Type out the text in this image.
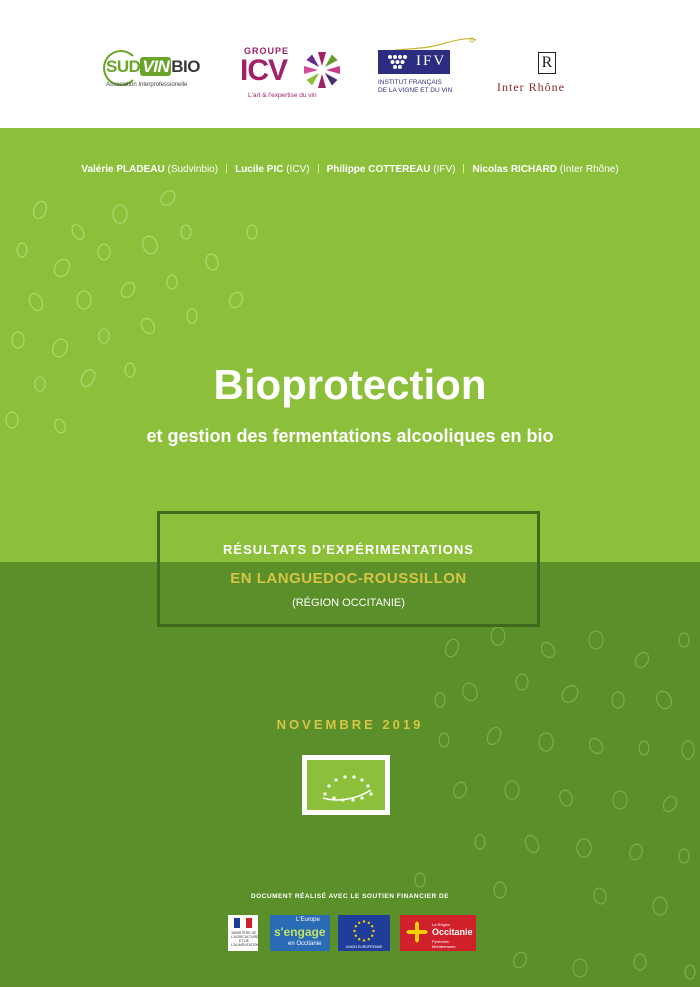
SUD VIN BIO
Association Interprofessionelle
GROUPE
ICV
L'art & l'expertise du vin
IFV
INSTITUT FRANÇAIS
DE LA VIGNE ET DU VIN
R
Inter Rhône
Valérie PLADEAU (Sudvinbio) Lucile PIC (ICV) Philippe COTTEREAU (IFV) Nicolas RICHARD (Inter Rhône)
Bioprotection
et gestion des fermentations alcooliques en bio
RÉSULTATS D'EXPÉRIMENTATIONS
EN LANGUEDOC-ROUSSILLON
(RÉGION OCCITANIE)
NOVEMBRE 2019
DOCUMENT RÉALISÉ AVEC LE SOUTIEN FINANCIER DE
MINISTÈRE DE L'AGRICULTURE ET DE L'ALIMENTATION
L'Europe
s'engage
en Occitanie	UNION EUROPÉENNE
La Région
Occitanie
Pyrénées · Méditerranée
